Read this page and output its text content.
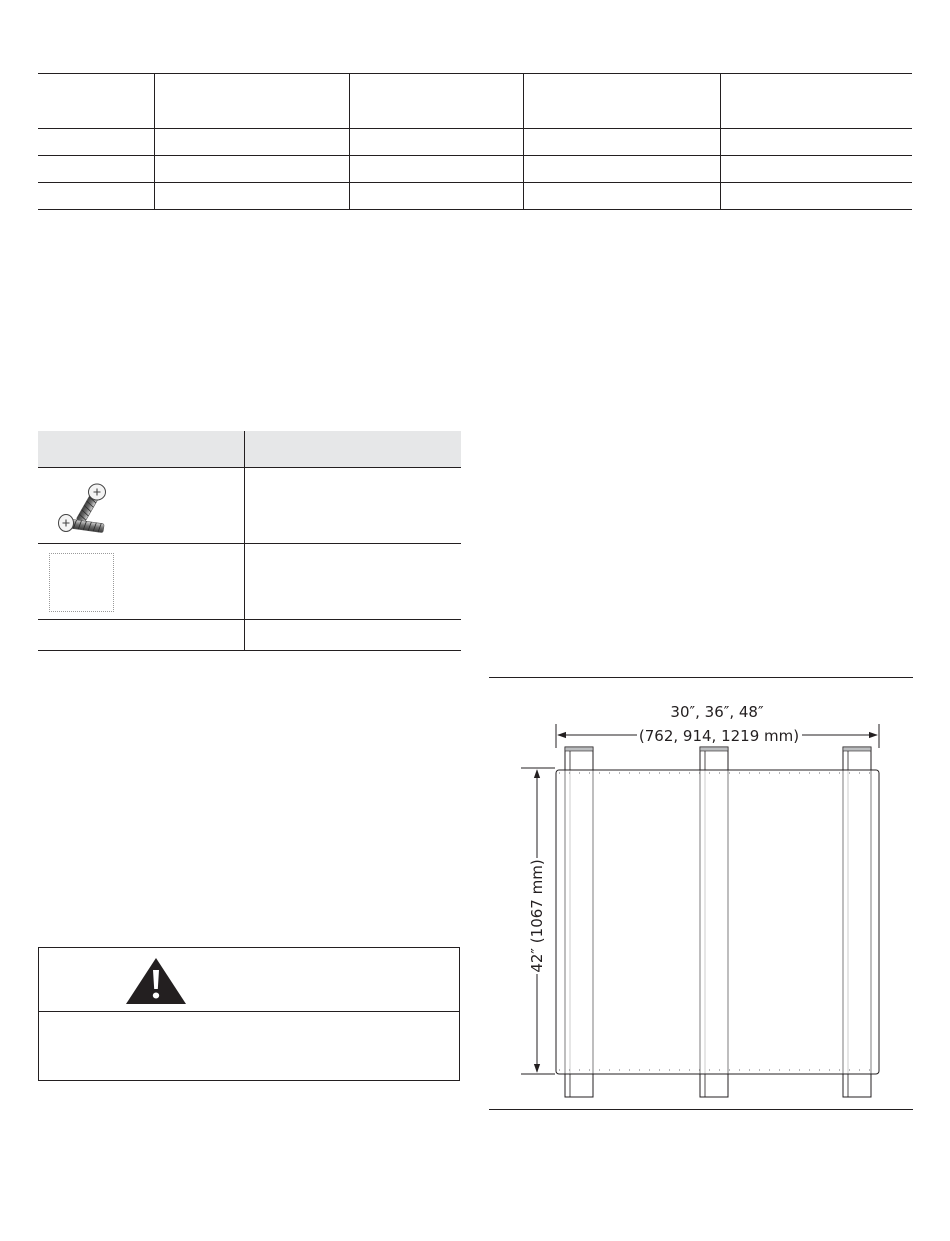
30″, 36″, 48″
(762, 914, 1219 mm)
42″ (1067 mm)
